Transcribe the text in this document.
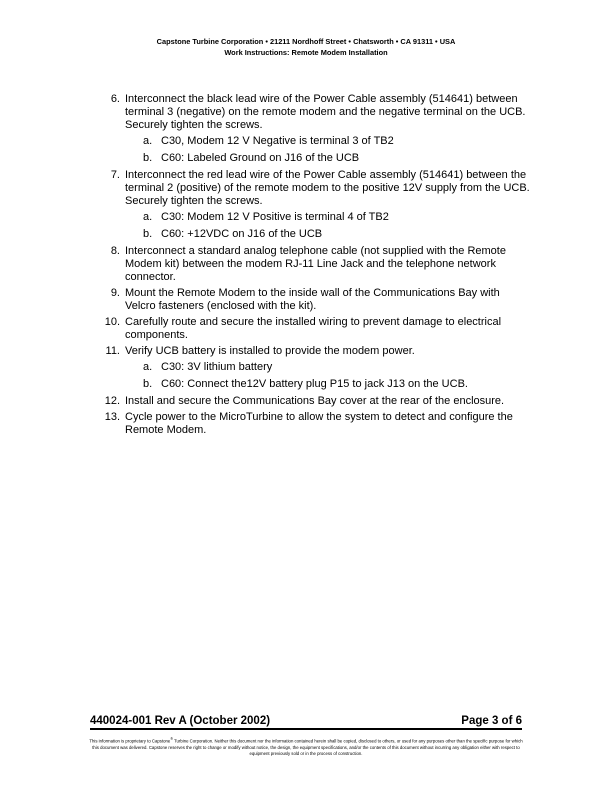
Capstone Turbine Corporation • 21211 Nordhoff Street • Chatsworth • CA 91311 • USA
Work Instructions: Remote Modem Installation
6. Interconnect the black lead wire of the Power Cable assembly (514641) between terminal 3 (negative) on the remote modem and the negative terminal on the UCB. Securely tighten the screws.
a. C30, Modem 12 V Negative is terminal 3 of TB2
b. C60: Labeled Ground on J16 of the UCB
7. Interconnect the red lead wire of the Power Cable assembly (514641) between the terminal 2 (positive) of the remote modem to the positive 12V supply from the UCB. Securely tighten the screws.
a. C30: Modem 12 V Positive is terminal 4 of TB2
b. C60: +12VDC on J16 of the UCB
8. Interconnect a standard analog telephone cable (not supplied with the Remote Modem kit) between the modem RJ-11 Line Jack and the telephone network connector.
9. Mount the Remote Modem to the inside wall of the Communications Bay with Velcro fasteners (enclosed with the kit).
10. Carefully route and secure the installed wiring to prevent damage to electrical components.
11. Verify UCB battery is installed to provide the modem power.
a. C30: 3V lithium battery
b. C60: Connect the12V battery plug P15 to jack J13 on the UCB.
12. Install and secure the Communications Bay cover at the rear of the enclosure.
13. Cycle power to the MicroTurbine to allow the system to detect and configure the Remote Modem.
440024-001 Rev A (October 2002)	Page 3 of 6
This information is proprietary to Capstone® Turbine Corporation. Neither this document nor the information contained herein shall be copied, disclosed to others, or used for any purposes other than the specific purpose for which this document was delivered. Capstone reserves the right to change or modify without notice, the design, the equipment specifications, and/or the contents of this document without incurring any obligation either with respect to equipment previously sold or in the process of construction.
